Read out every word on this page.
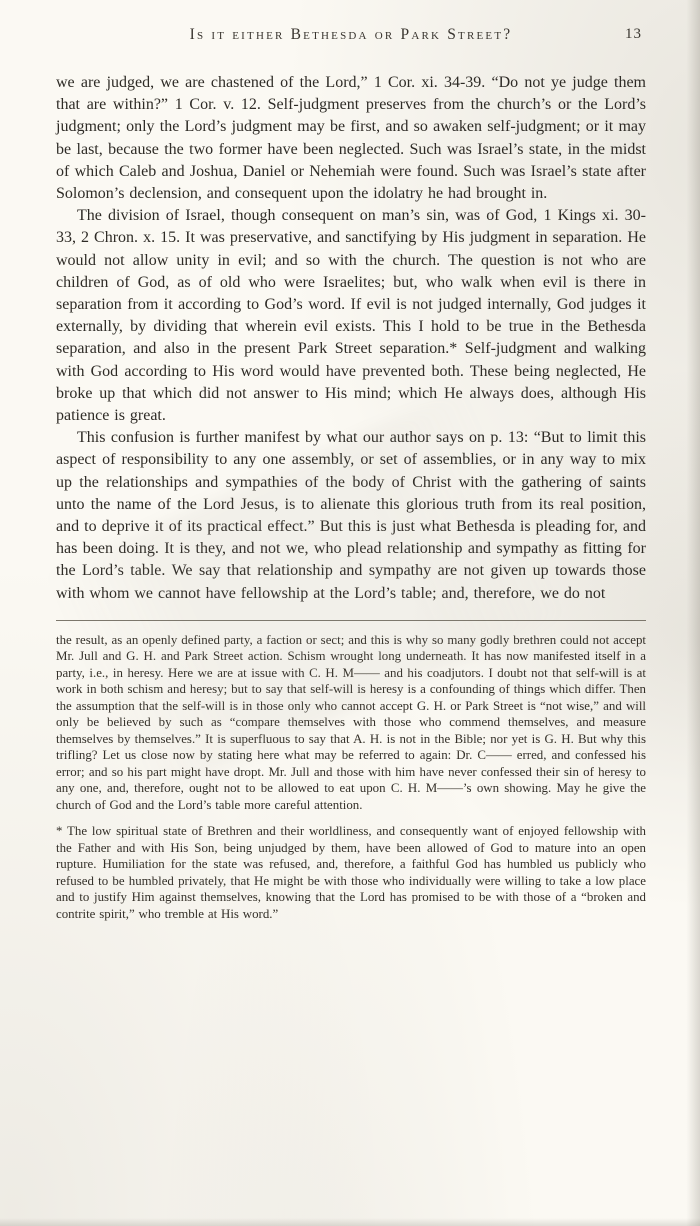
Is it either Bethesda or Park Street?	13

we are judged, we are chastened of the Lord,” 1 Cor. xi. 34-39. “Do not ye judge them that are within?” 1 Cor. v. 12. Self-judgment preserves from the church’s or the Lord’s judgment; only the Lord’s judgment may be first, and so awaken self-judgment; or it may be last, because the two former have been neglected. Such was Israel’s state, in the midst of which Caleb and Joshua, Daniel or Nehemiah were found. Such was Israel’s state after Solomon’s declension, and consequent upon the idolatry he had brought in.

The division of Israel, though consequent on man’s sin, was of God, 1 Kings xi. 30-33, 2 Chron. x. 15. It was preservative, and sanctifying by His judgment in separation. He would not allow unity in evil; and so with the church. The question is not who are children of God, as of old who were Israelites; but, who walk when evil is there in separation from it according to God’s word. If evil is not judged internally, God judges it externally, by dividing that wherein evil exists. This I hold to be true in the Bethesda separation, and also in the present Park Street separation.* Self-judgment and walking with God according to His word would have prevented both. These being neglected, He broke up that which did not answer to His mind; which He always does, although His patience is great.

This confusion is further manifest by what our author says on p. 13: “But to limit this aspect of responsibility to any one assembly, or set of assemblies, or in any way to mix up the relationships and sympathies of the body of Christ with the gathering of saints unto the name of the Lord Jesus, is to alienate this glorious truth from its real position, and to deprive it of its practical effect.” But this is just what Bethesda is pleading for, and has been doing. It is they, and not we, who plead relationship and sympathy as fitting for the Lord’s table. We say that relationship and sympathy are not given up towards those with whom we cannot have fellowship at the Lord’s table; and, therefore, we do not

the result, as an openly defined party, a faction or sect; and this is why so many godly brethren could not accept Mr. Jull and G. H. and Park Street action. Schism wrought long underneath. It has now manifested itself in a party, i.e., in heresy. Here we are at issue with C. H. M—— and his coadjutors. I doubt not that self-will is at work in both schism and heresy; but to say that self-will is heresy is a confounding of things which differ. Then the assumption that the self-will is in those only who cannot accept G. H. or Park Street is “not wise,” and will only be believed by such as “compare themselves with those who commend themselves, and measure themselves by themselves.” It is superfluous to say that A. H. is not in the Bible; nor yet is G. H. But why this trifling? Let us close now by stating here what may be referred to again: Dr. C—— erred, and confessed his error; and so his part might have dropt. Mr. Jull and those with him have never confessed their sin of heresy to any one, and, therefore, ought not to be allowed to eat upon C. H. M——’s own showing. May he give the church of God and the Lord’s table more careful attention.

* The low spiritual state of Brethren and their worldliness, and consequently want of enjoyed fellowship with the Father and with His Son, being unjudged by them, have been allowed of God to mature into an open rupture. Humiliation for the state was refused, and, therefore, a faithful God has humbled us publicly who refused to be humbled privately, that He might be with those who individually were willing to take a low place and to justify Him against themselves, knowing that the Lord has promised to be with those of a “broken and contrite spirit,” who tremble at His word.”
